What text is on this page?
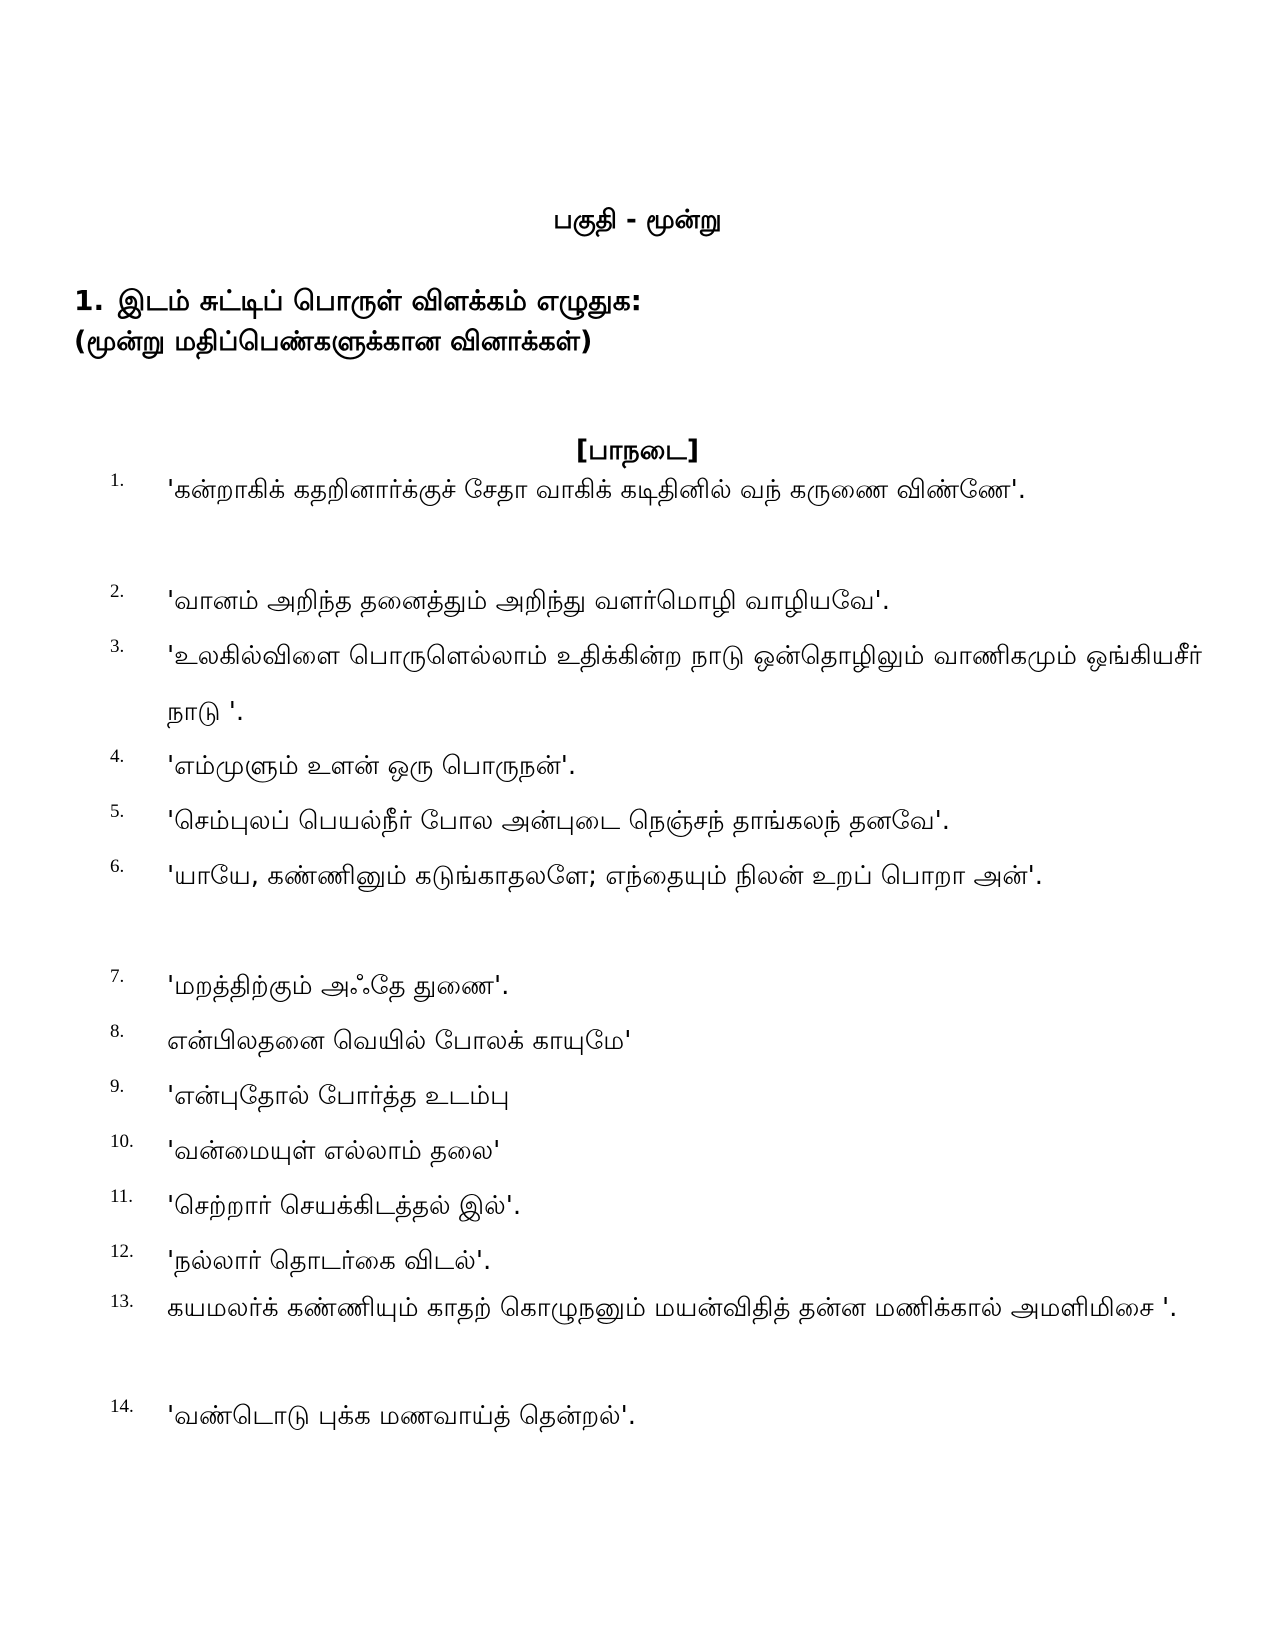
பகுதி - மூன்று
1. இடம் சுட்டிப் பொருள் விளக்கம் எழுதுக:
(மூன்று மதிப்பெண்களுக்கான வினாக்கள்)
[பாநடை]
1. 'கன்றாகிக் கதறினார்க்குச் சேதா வாகிக் கடிதினில் வந் கருணை விண்ணே'.
2. 'வானம் அறிந்த தனைத்தும் அறிந்து வளர்மொழி வாழியவே'.
3. 'உலகில்விளை பொருளெல்லாம் உதிக்கின்ற நாடு ஒன்தொழிலும் வாணிகமும் ஒங்கியசீர் நாடு '.
4. 'எம்முளும் உளன் ஒரு பொருநன்'.
5. 'செம்புலப் பெயல்நீர் போல அன்புடை நெஞ்சந் தாங்கலந் தனவே'.
6. 'யாயே, கண்ணினும் கடுங்காதலளே; எந்தையும் நிலன் உறப் பொறா அன்'.
7. 'மறத்திற்கும் அஃதே துணை'.
8. என்பிலதனை வெயில் போலக் காயுமே'
9. 'என்புதோல் போர்த்த உடம்பு
10. 'வன்மையுள் எல்லாம் தலை'
11. 'செற்றார் செயக்கிடத்தல் இல்'.
12. 'நல்லார் தொடர்கை விடல்'.
13. கயமலர்க் கண்ணியும் காதற் கொழுநனும் மயன்விதித் தன்ன மணிக்கால் அமளிமிசை '.
14. 'வண்டொடு புக்க மணவாய்த் தென்றல்'.
